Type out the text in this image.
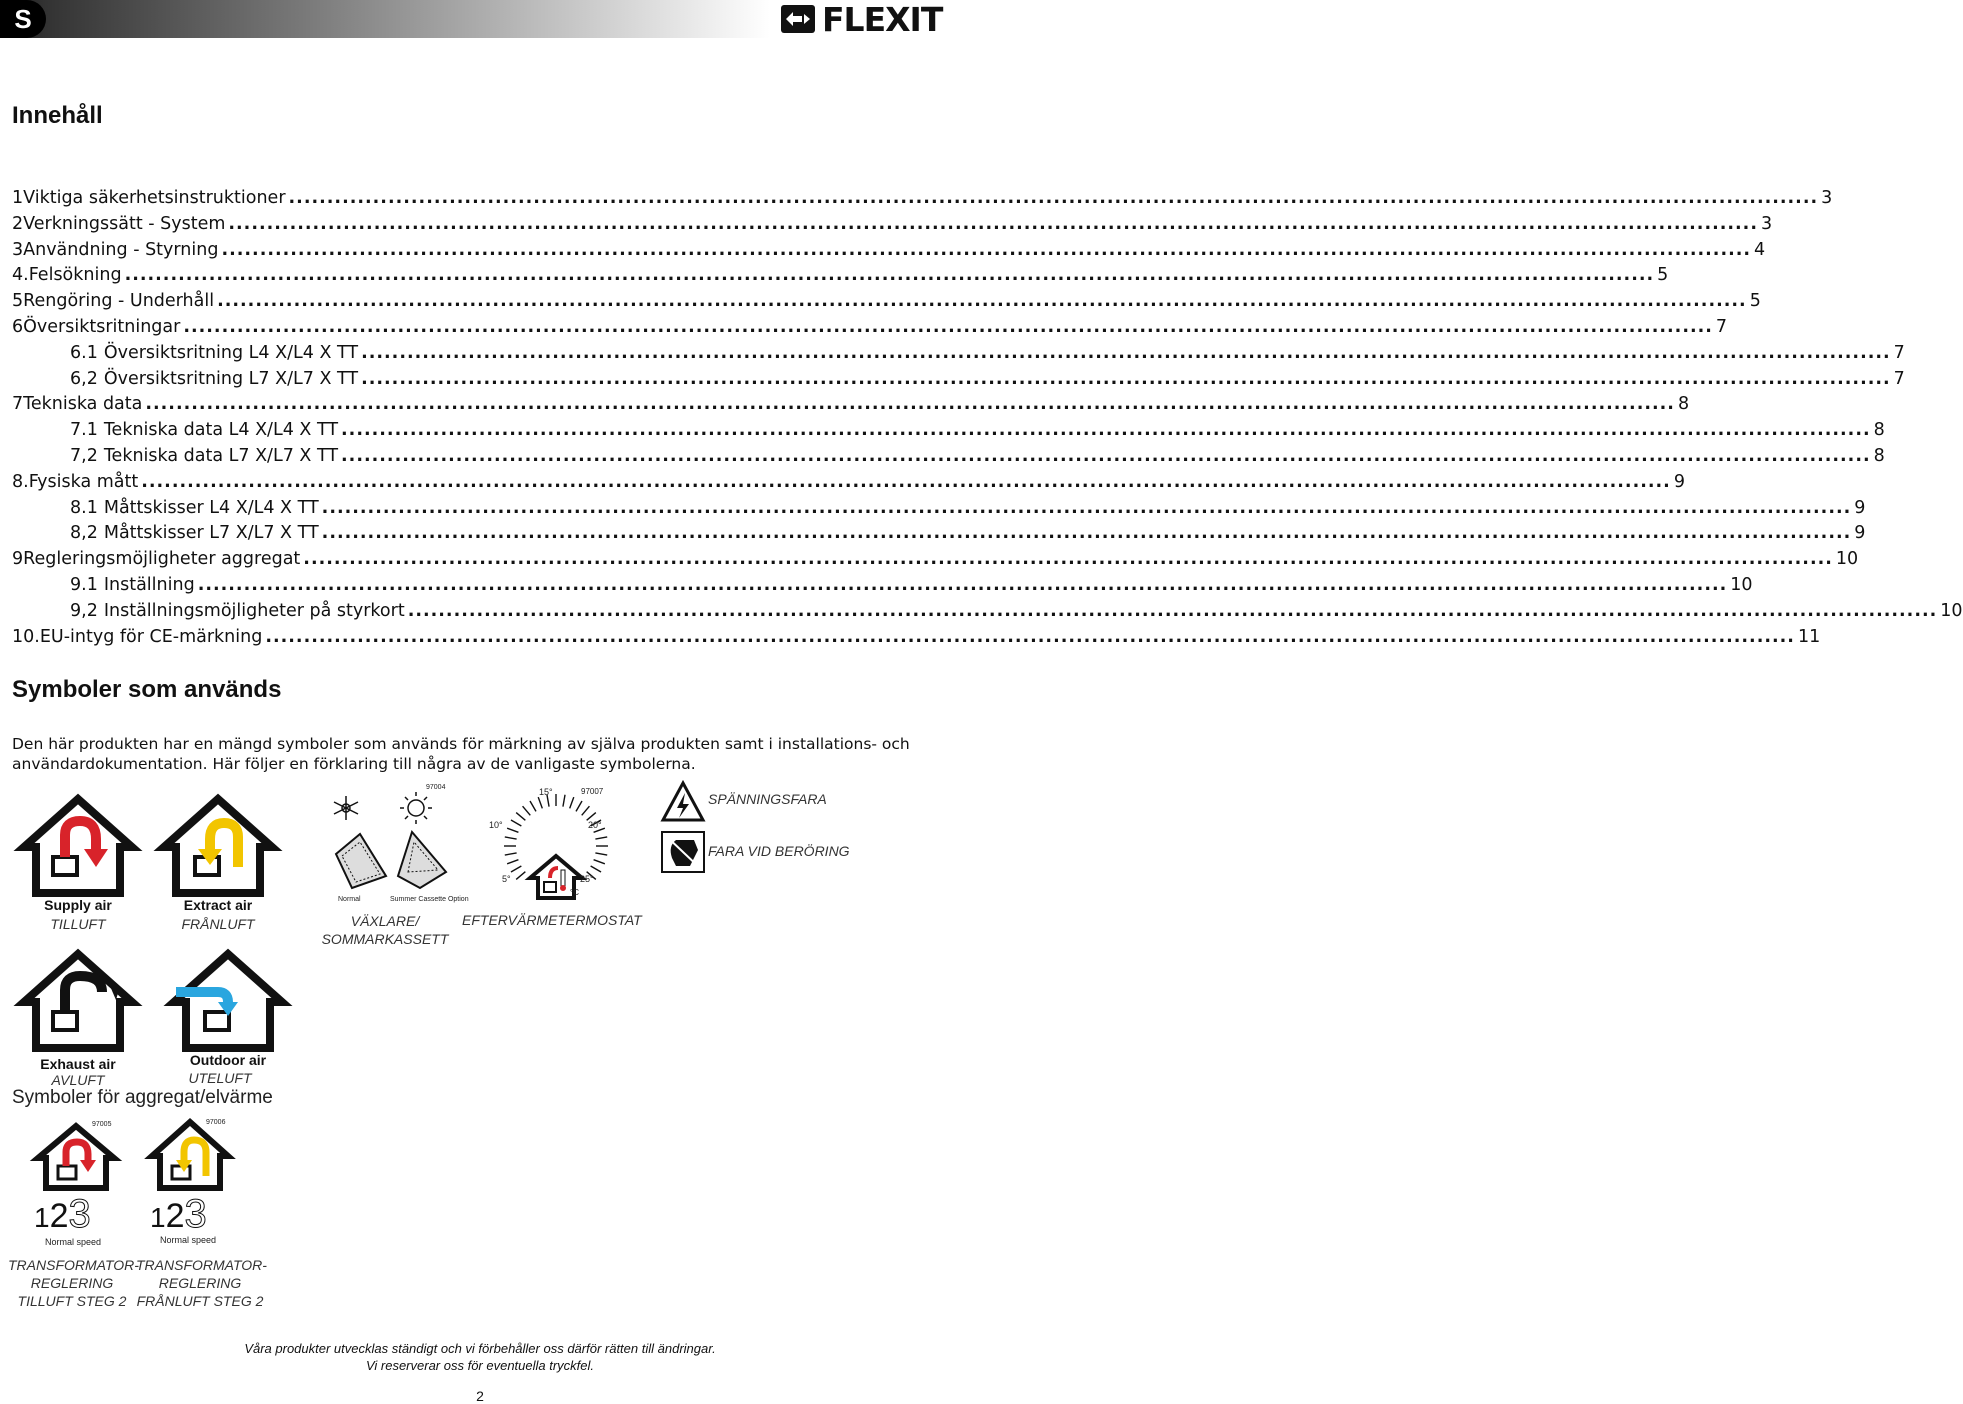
S	FLEXIT
Innehåll
1 Viktiga säkerhetsinstruktioner ........................................................................................................................................................................................................ 3
2 Verkningssätt - System ........................................................................................................................................................................................................ 3
3 Användning - Styrning ........................................................................................................................................................................................................ 4
4. Felsökning ........................................................................................................................................................................................................ 5
5 Rengöring - Underhåll ........................................................................................................................................................................................................ 5
6 Översiktsritningar ........................................................................................................................................................................................................ 7
6.1 Översiktsritning L4 X/L4 X TT ........................................................................................................................................................................................................ 7
6,2 Översiktsritning L7 X/L7 X TT ........................................................................................................................................................................................................ 7
7 Tekniska data ........................................................................................................................................................................................................ 8
7.1 Tekniska data L4 X/L4 X TT ........................................................................................................................................................................................................ 8
7,2 Tekniska data L7 X/L7 X TT ........................................................................................................................................................................................................ 8
8. Fysiska mått ........................................................................................................................................................................................................ 9
8.1 Måttskisser L4 X/L4 X TT ........................................................................................................................................................................................................ 9
8,2 Måttskisser L7 X/L7 X TT ........................................................................................................................................................................................................ 9
9 Regleringsmöjligheter aggregat ........................................................................................................................................................................................................ 10
9.1 Inställning ........................................................................................................................................................................................................ 10
9,2 Inställningsmöjligheter på styrkort ........................................................................................................................................................................................................ 10
10. EU-intyg för CE-märkning ........................................................................................................................................................................................................ 11
Symboler som används
Den här produkten har en mängd symboler som används för märkning av själva produkten samt i installations- och användardokumentation. Här följer en förklaring till några av de vanligaste symbolerna.
Supply air
TILLUFT
Extract air
FRÅNLUFT
97004
Normal	Summer Cassette Option
VÄXLARE/
SOMMARKASSETT
15°	97007
10°	20°
5°	25°
°C
EFTERVÄRMETERMOSTAT
SPÄNNINGSFARA
FARA VID BERÖRING
Exhaust air
AVLUFT
Outdoor air
UTELUFT
Symboler för aggregat/elvärme
97005
123
Normal speed
TRANSFORMATOR-
REGLERING
TILLUFT STEG 2
97006
123
Normal speed
TRANSFORMATOR-
REGLERING
FRÅNLUFT STEG 2
Våra produkter utvecklas ständigt och vi förbehåller oss därför rätten till ändringar.
Vi reserverar oss för eventuella tryckfel.
2
